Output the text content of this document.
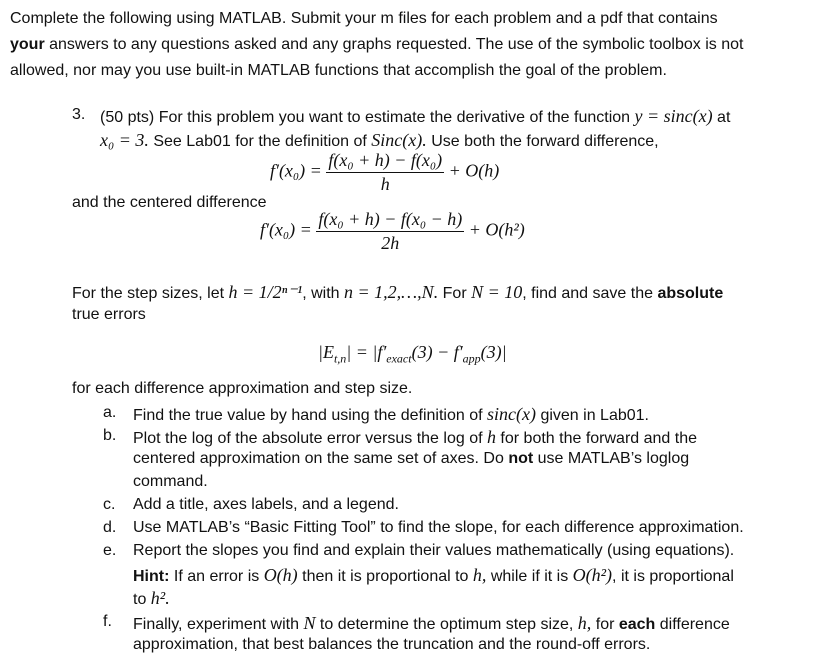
Complete the following using MATLAB. Submit your m files for each problem and a pdf that contains
your answers to any questions asked and any graphs requested. The use of the symbolic toolbox is not
allowed, nor may you use built-in MATLAB functions that accomplish the goal of the problem.
3. (50 pts) For this problem you want to estimate the derivative of the function y = sinc(x) at
x₀ = 3. See Lab01 for the definition of Sinc(x). Use both the forward difference,
$f'(x_0) = \frac{\text{f(x₀ + h) − f(x₀)}}{h} + O(h)$
and the centered difference
$f'(x_0) = \frac{\text{f(x₀ + h) − f(x₀ − h)}}{2h} + O(h^2)$
For the step sizes, let h = 1/2ⁿ⁻¹, with n = 1,2,…,N. For N = 10, find and save the absolute
true errors
$|E_{t,n}| = |f'_{exact}(3) - f'_{app}(3)|$
for each difference approximation and step size.
a. Find the true value by hand using the definition of sinc(x) given in Lab01.
b. Plot the log of the absolute error versus the log of h for both the forward and the
centered approximation on the same set of axes. Do not use MATLAB’s loglog
command.
c. Add a title, axes labels, and a legend.
d. Use MATLAB’s “Basic Fitting Tool” to find the slope, for each difference approximation.
e. Report the slopes you find and explain their values mathematically (using equations).
Hint: If an error is O(h) then it is proportional to h, while if it is O(h²), it is proportional
to h².
f. Finally, experiment with N to determine the optimum step size, h, for each difference
approximation, that best balances the truncation and the round-off errors.
